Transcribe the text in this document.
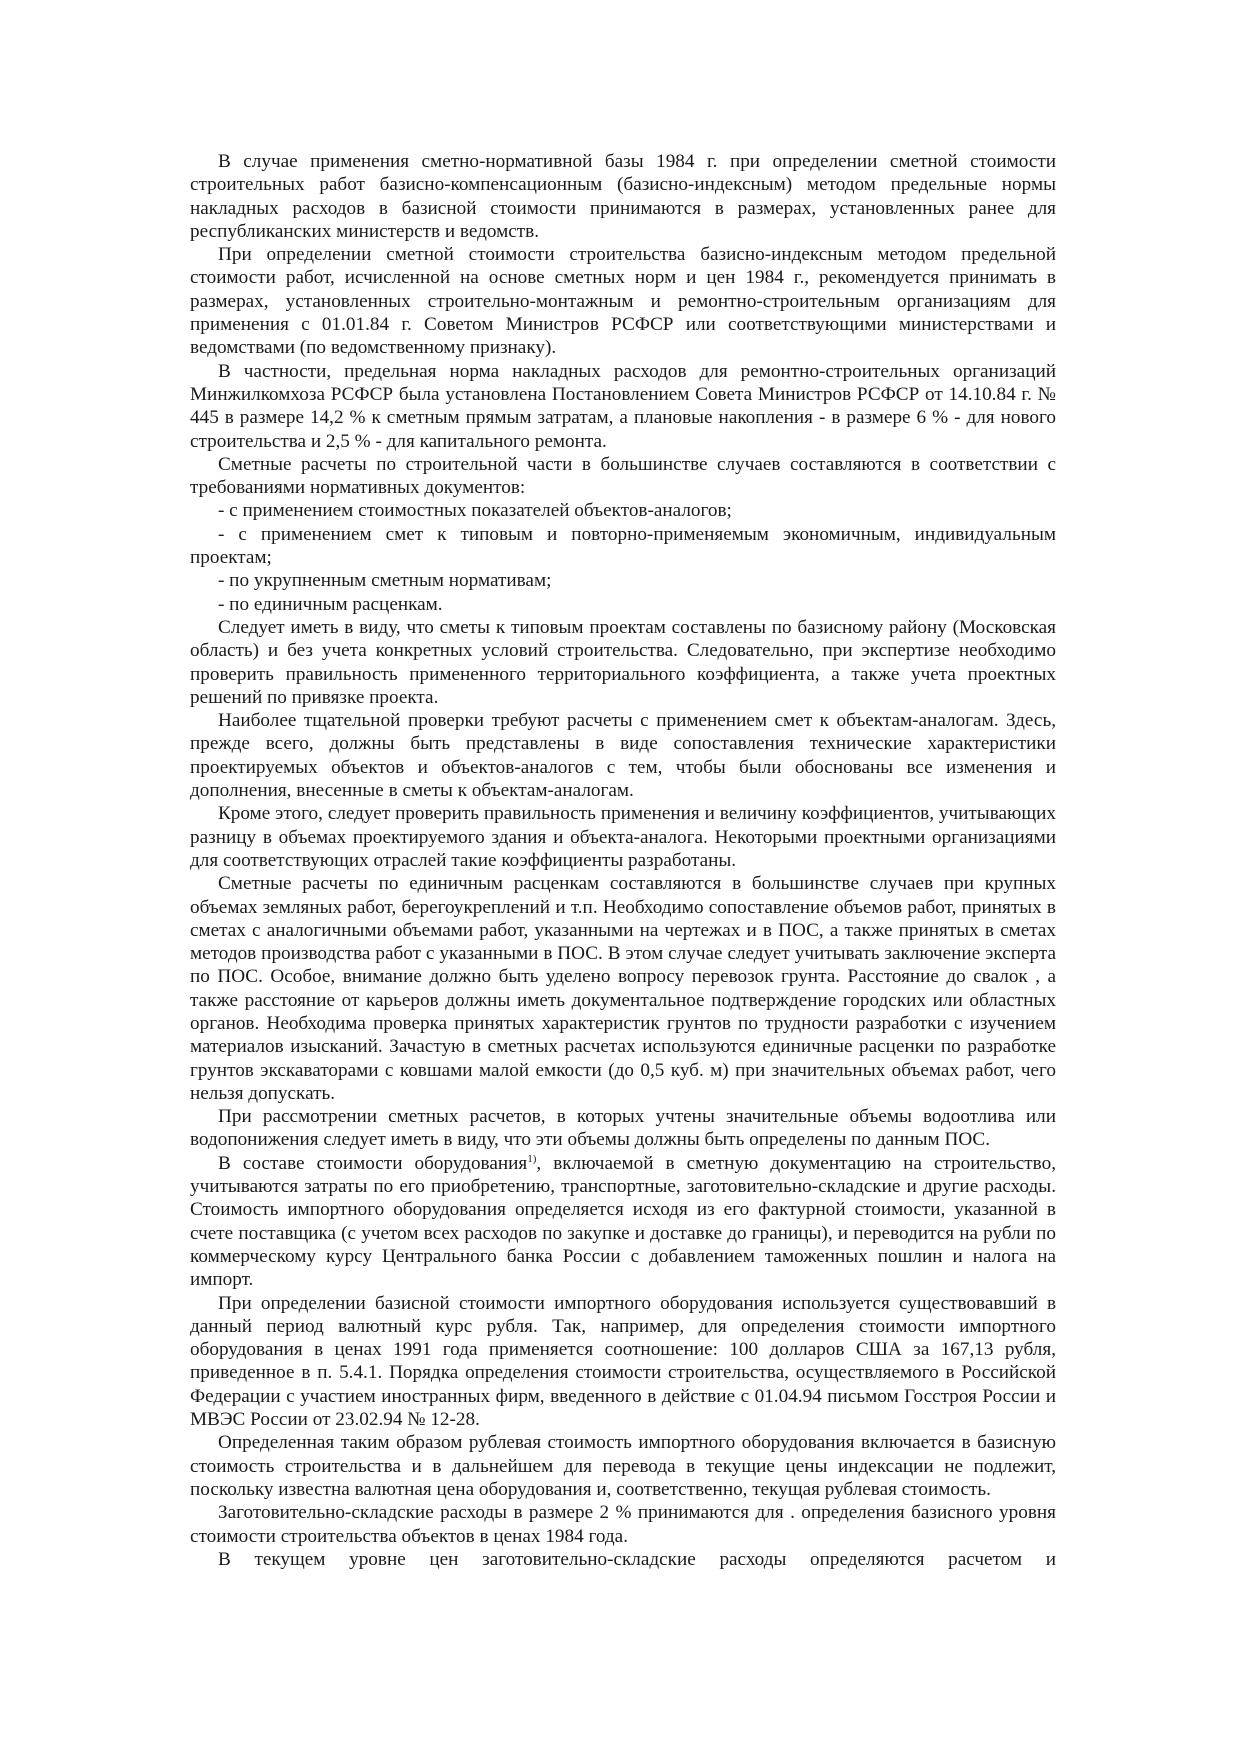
В случае применения сметно-нормативной базы 1984 г. при определении сметной стоимости строительных работ базисно-компенсационным (базисно-индексным) методом предельные нормы накладных расходов в базисной стоимости принимаются в размерах, установленных ранее для республиканских министерств и ведомств.

При определении сметной стоимости строительства базисно-индексным методом предельной стоимости работ, исчисленной на основе сметных норм и цен 1984 г., рекомендуется принимать в размерах, установленных строительно-монтажным и ремонтно-строительным организациям для применения с 01.01.84 г. Советом Министров РСФСР или соответствующими министерствами и ведомствами (по ведомственному признаку).

В частности, предельная норма накладных расходов для ремонтно-строительных организаций Минжилкомхоза РСФСР была установлена Постановлением Совета Министров РСФСР от 14.10.84 г. № 445 в размере 14,2 % к сметным прямым затратам, а плановые накопления - в размере 6 % - для нового строительства и 2,5 % - для капитального ремонта.

Сметные расчеты по строительной части в большинстве случаев составляются в соответствии с требованиями нормативных документов:

- с применением стоимостных показателей объектов-аналогов;

- с применением смет к типовым и повторно-применяемым экономичным, индивидуальным проектам;

- по укрупненным сметным нормативам;

- по единичным расценкам.

Следует иметь в виду, что сметы к типовым проектам составлены по базисному району (Московская область) и без учета конкретных условий строительства. Следовательно, при экспертизе необходимо проверить правильность примененного территориального коэффициента, а также учета проектных решений по привязке проекта.

Наиболее тщательной проверки требуют расчеты с применением смет к объектам-аналогам. Здесь, прежде всего, должны быть представлены в виде сопоставления технические характеристики проектируемых объектов и объектов-аналогов с тем, чтобы были обоснованы все изменения и дополнения, внесенные в сметы к объектам-аналогам.

Кроме этого, следует проверить правильность применения и величину коэффициентов, учитывающих разницу в объемах проектируемого здания и объекта-аналога. Некоторыми проектными организациями для соответствующих отраслей такие коэффициенты разработаны.

Сметные расчеты по единичным расценкам составляются в большинстве случаев при крупных объемах земляных работ, берегоукреплений и т.п. Необходимо сопоставление объемов работ, принятых в сметах с аналогичными объемами работ, указанными на чертежах и в ПОС, а также принятых в сметах методов производства работ с указанными в ПОС. В этом случае следует учитывать заключение эксперта по ПОС. Особое, внимание должно быть уделено вопросу перевозок грунта. Расстояние до свалок , а также расстояние от карьеров должны иметь документальное подтверждение городских или областных органов. Необходима проверка принятых характеристик грунтов по трудности разработки с изучением материалов изысканий. Зачастую в сметных расчетах используются единичные расценки по разработке грунтов экскаваторами с ковшами малой емкости (до 0,5 куб. м) при значительных объемах работ, чего нельзя допускать.

При рассмотрении сметных расчетов, в которых учтены значительные объемы водоотлива или водопонижения следует иметь в виду, что эти объемы должны быть определены по данным ПОС.

В составе стоимости оборудования$^{1)}$, включаемой в сметную документацию на строительство, учитываются затраты по его приобретению, транспортные, заготовительно-складские и другие расходы. Стоимость импортного оборудования определяется исходя из его фактурной стоимости, указанной в счете поставщика (с учетом всех расходов по закупке и доставке до границы), и переводится на рубли по коммерческому курсу Центрального банка России с добавлением таможенных пошлин и налога на импорт.

При определении базисной стоимости импортного оборудования используется существовавший в данный период валютный курс рубля. Так, например, для определения стоимости импортного оборудования в ценах 1991 года применяется соотношение: 100 долларов США за 167,13 рубля, приведенное в п. 5.4.1. Порядка определения стоимости строительства, осуществляемого в Российской Федерации с участием иностранных фирм, введенного в действие с 01.04.94 письмом Госстроя России и МВЭС России от 23.02.94 № 12-28.

Определенная таким образом рублевая стоимость импортного оборудования включается в базисную стоимость строительства и в дальнейшем для перевода в текущие цены индексации не подлежит, поскольку известна валютная цена оборудования и, соответственно, текущая рублевая стоимость.

Заготовительно-складские расходы в размере 2 % принимаются для . определения базисного уровня стоимости строительства объектов в ценах 1984 года.

В текущем уровне цен заготовительно-складские расходы определяются расчетом и
